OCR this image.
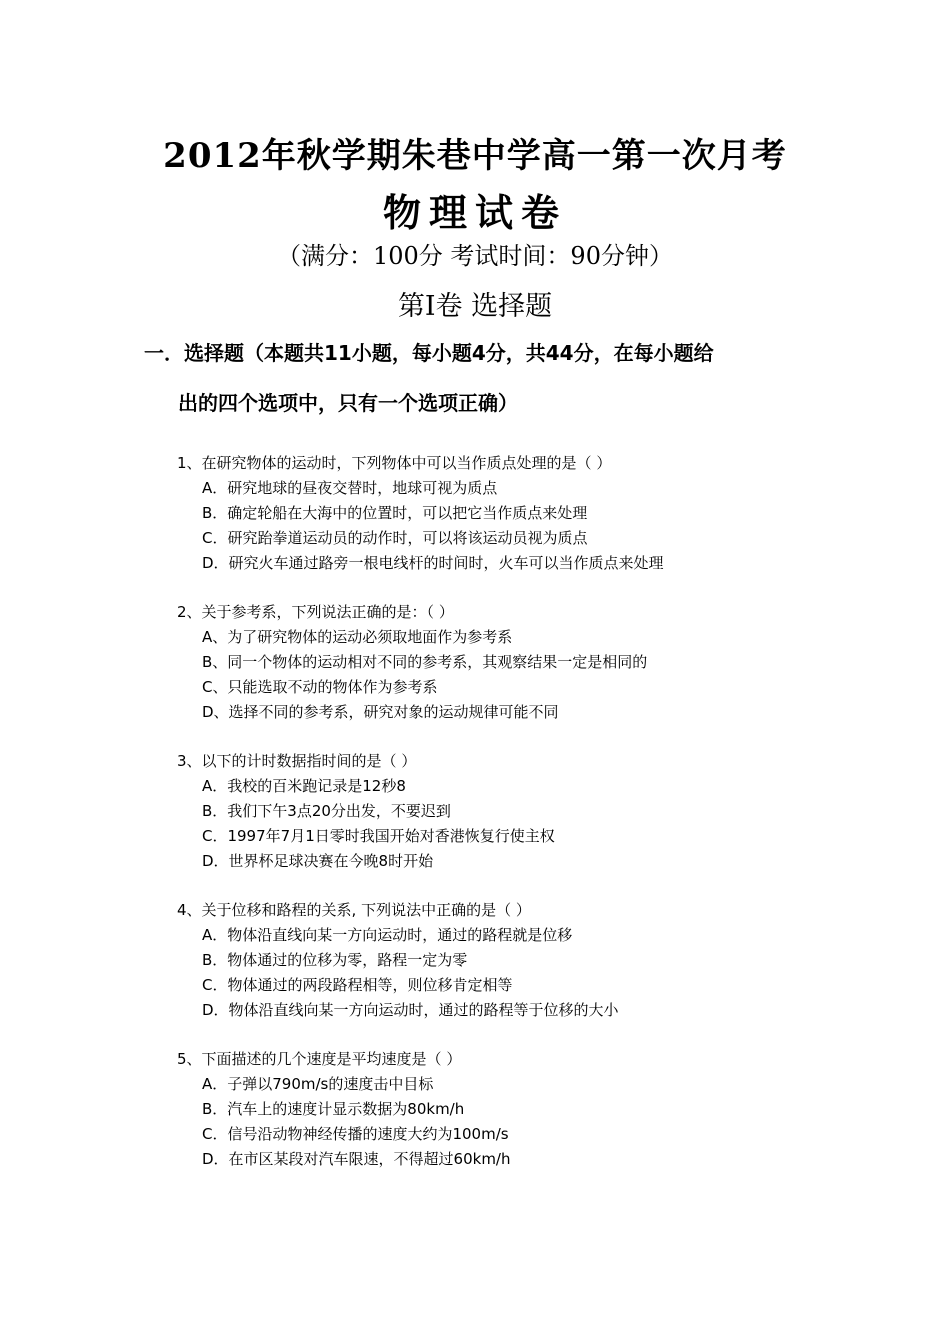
2012年秋学期朱巷中学高一第一次月考
物理试卷
（满分：100分 考试时间：90分钟）
第Ⅰ卷 选择题
一．选择题（本题共11小题，每小题4分，共44分，在每小题给
出的四个选项中，只有一个选项正确）
1、在研究物体的运动时，下列物体中可以当作质点处理的是（ ）
A．研究地球的昼夜交替时，地球可视为质点
B．确定轮船在大海中的位置时，可以把它当作质点来处理
C．研究跆拳道运动员的动作时，可以将该运动员视为质点
D．研究火车通过路旁一根电线杆的时间时，火车可以当作质点来处理
2、关于参考系，下列说法正确的是：（ ）
A、为了研究物体的运动必须取地面作为参考系
B、同一个物体的运动相对不同的参考系，其观察结果一定是相同的
C、只能选取不动的物体作为参考系
D、选择不同的参考系，研究对象的运动规律可能不同
3、以下的计时数据指时间的是（ ）
A．我校的百米跑记录是12秒8
B．我们下午3点20分出发，不要迟到
C．1997年7月1日零时我国开始对香港恢复行使主权
D．世界杯足球决赛在今晚8时开始
4、关于位移和路程的关系, 下列说法中正确的是（ ）
A．物体沿直线向某一方向运动时，通过的路程就是位移
B．物体通过的位移为零，路程一定为零
C．物体通过的两段路程相等，则位移肯定相等
D．物体沿直线向某一方向运动时，通过的路程等于位移的大小
5、下面描述的几个速度是平均速度是（ ）
A．子弹以790m/s的速度击中目标
B．汽车上的速度计显示数据为80km/h
C．信号沿动物神经传播的速度大约为100m/s
D．在市区某段对汽车限速，不得超过60km/h
